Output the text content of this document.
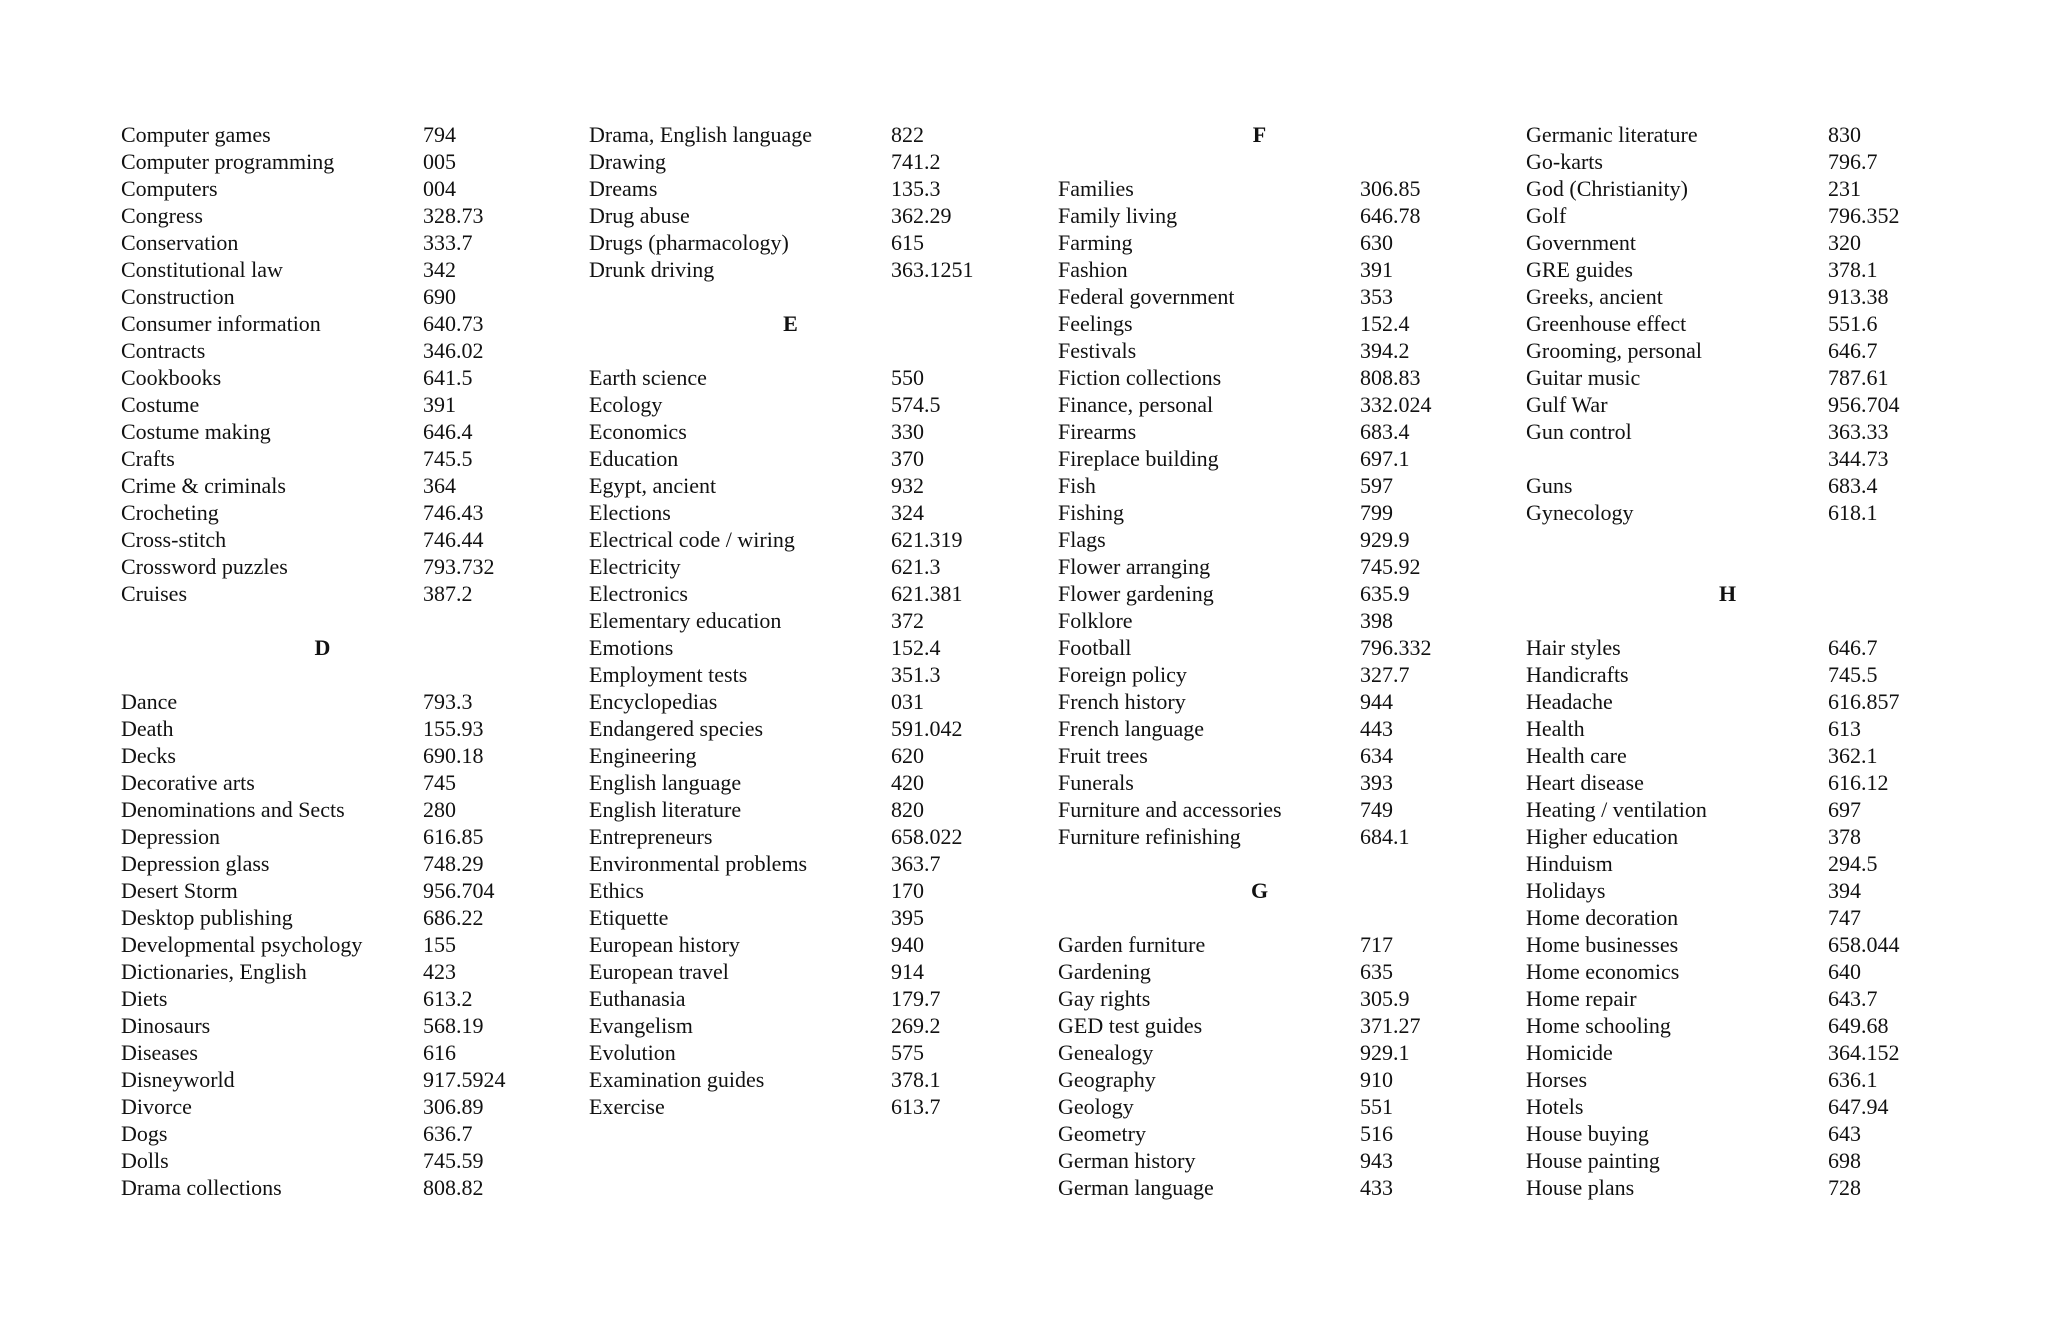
Computer games	794
Computer programming	005
Computers	004
Congress	328.73
Conservation	333.7
Constitutional law	342
Construction	690
Consumer information	640.73
Contracts	346.02
Cookbooks	641.5
Costume	391
Costume making	646.4
Crafts	745.5
Crime & criminals	364
Crocheting	746.43
Cross-stitch	746.44
Crossword puzzles	793.732
Cruises	387.2
D
Dance	793.3
Death	155.93
Decks	690.18
Decorative arts	745
Denominations and Sects	280
Depression	616.85
Depression glass	748.29
Desert Storm	956.704
Desktop publishing	686.22
Developmental psychology	155
Dictionaries, English	423
Diets	613.2
Dinosaurs	568.19
Diseases	616
Disneyworld	917.5924
Divorce	306.89
Dogs	636.7
Dolls	745.59
Drama collections	808.82
Drama, English language	822
Drawing	741.2
Dreams	135.3
Drug abuse	362.29
Drugs (pharmacology)	615
Drunk driving	363.1251
E
Earth science	550
Ecology	574.5
Economics	330
Education	370
Egypt, ancient	932
Elections	324
Electrical code / wiring	621.319
Electricity	621.3
Electronics	621.381
Elementary education	372
Emotions	152.4
Employment tests	351.3
Encyclopedias	031
Endangered species	591.042
Engineering	620
English language	420
English literature	820
Entrepreneurs	658.022
Environmental problems	363.7
Ethics	170
Etiquette	395
European history	940
European travel	914
Euthanasia	179.7
Evangelism	269.2
Evolution	575
Examination guides	378.1
Exercise	613.7
F
Families	306.85
Family living	646.78
Farming	630
Fashion	391
Federal government	353
Feelings	152.4
Festivals	394.2
Fiction collections	808.83
Finance, personal	332.024
Firearms	683.4
Fireplace building	697.1
Fish	597
Fishing	799
Flags	929.9
Flower arranging	745.92
Flower gardening	635.9
Folklore	398
Football	796.332
Foreign policy	327.7
French history	944
French language	443
Fruit trees	634
Funerals	393
Furniture and accessories	749
Furniture refinishing	684.1
G
Garden furniture	717
Gardening	635
Gay rights	305.9
GED test guides	371.27
Genealogy	929.1
Geography	910
Geology	551
Geometry	516
German history	943
German language	433
Germanic literature	830
Go-karts	796.7
God (Christianity)	231
Golf	796.352
Government	320
GRE guides	378.1
Greeks, ancient	913.38
Greenhouse effect	551.6
Grooming, personal	646.7
Guitar music	787.61
Gulf War	956.704
Gun control	363.33
344.73
Guns	683.4
Gynecology	618.1
H
Hair styles	646.7
Handicrafts	745.5
Headache	616.857
Health	613
Health care	362.1
Heart disease	616.12
Heating / ventilation	697
Higher education	378
Hinduism	294.5
Holidays	394
Home decoration	747
Home businesses	658.044
Home economics	640
Home repair	643.7
Home schooling	649.68
Homicide	364.152
Horses	636.1
Hotels	647.94
House buying	643
House painting	698
House plans	728
